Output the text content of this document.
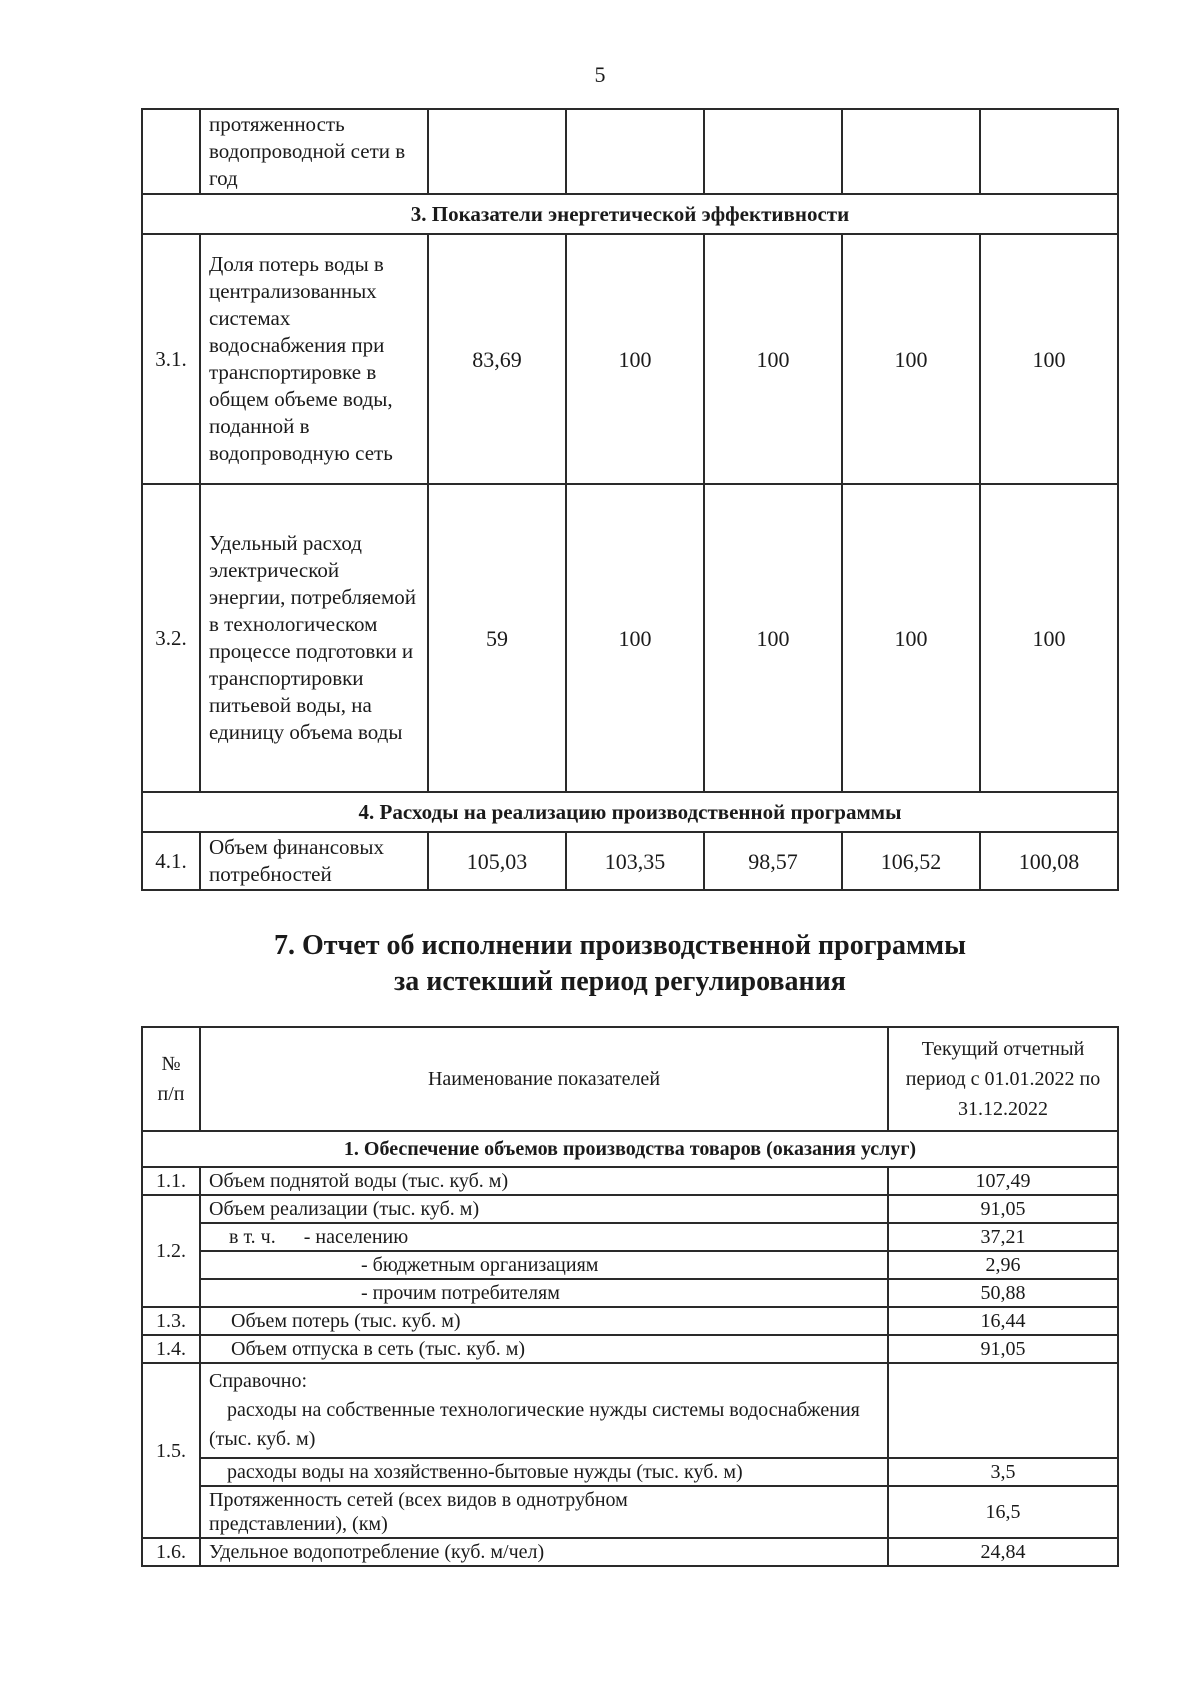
5
	протяженность водопроводной сети в год					
3. Показатели энергетической эффективности						
3.1.	Доля потерь воды в централизованных системах водоснабжения при транспортировке в общем объеме воды, поданной в водопроводную сеть	83,69	100	100	100	100
3.2.	Удельный расход электрической энергии, потребляемой в технологическом процессе подготовки и транспортировки питьевой воды, на единицу объема воды	59	100	100	100	100
4. Расходы на реализацию производственной программы						
4.1.	Объем финансовых потребностей	105,03	103,35	98,57	106,52	100,08
7. Отчет об исполнении производственной программы
за истекший период регулирования
№ п/п	Наименование показателей	Текущий отчетный период с 01.01.2022 по 31.12.2022
1. Обеспечение объемов производства товаров (оказания услуг)		
1.1.	Объем поднятой воды (тыс. куб. м)	107,49
1.2.	Объем реализации (тыс. куб. м)	91,05
	в т. ч. - населению	37,21
	- бюджетным организациям	2,96
	- прочим потребителям	50,88
1.3.	Объем потерь (тыс. куб. м)	16,44
1.4.	Объем отпуска в сеть (тыс. куб. м)	91,05
1.5.	Справочно:
расходы на собственные технологические нужды системы водоснабжения (тыс. куб. м)	

	расходы воды на хозяйственно-бытовые нужды (тыс. куб. м)	3,5
	Протяженность сетей (всех видов в однотрубном представлении), (км)	16,5
1.6.	Удельное водопотребление (куб. м/чел)	24,84
